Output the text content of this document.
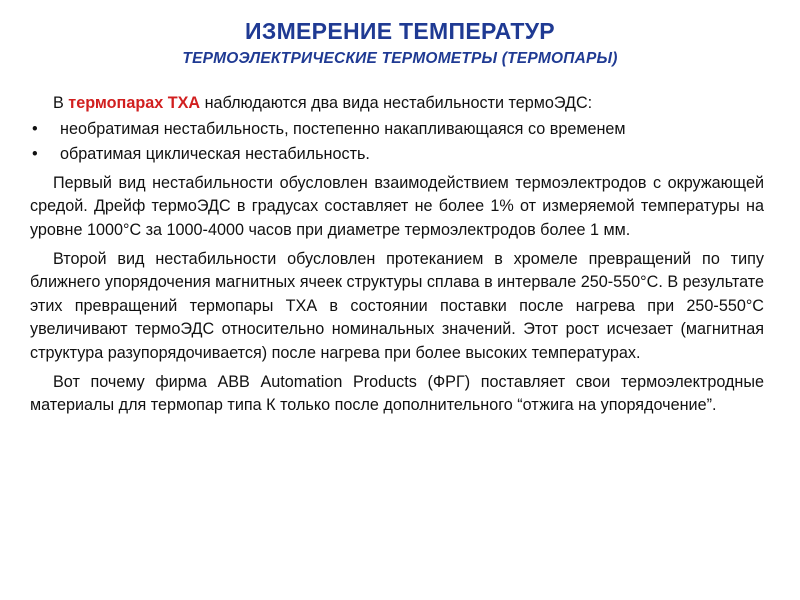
ИЗМЕРЕНИЕ ТЕМПЕРАТУР
ТЕРМОЭЛЕКТРИЧЕСКИЕ ТЕРМОМЕТРЫ (ТЕРМОПАРЫ)
В термопарах ТХА наблюдаются два вида нестабильности термоЭДС:
•	необратимая нестабильность, постепенно накапливающаяся со временем
•	обратимая циклическая нестабильность.
Первый вид нестабильности обусловлен взаимодействием термоэлектродов с окружающей средой. Дрейф термоЭДС в градусах составляет не более 1% от измеряемой температуры на уровне 1000°С за 1000-4000 часов при диаметре термоэлектродов более 1 мм.
Второй вид нестабильности обусловлен протеканием в хромеле превращений по типу ближнего упорядочения магнитных ячеек структуры сплава в интервале 250-550°С. В результате этих превращений термопары ТХА в состоянии поставки после нагрева при 250-550°С увеличивают термоЭДС относительно номинальных значений. Этот рост исчезает (магнитная структура разупорядочивается) после нагрева при более высоких температурах.
Вот почему фирма АВВ Automation Products (ФРГ) поставляет свои термоэлектродные материалы для термопар типа К только после дополнительного “отжига на упорядочение”.
